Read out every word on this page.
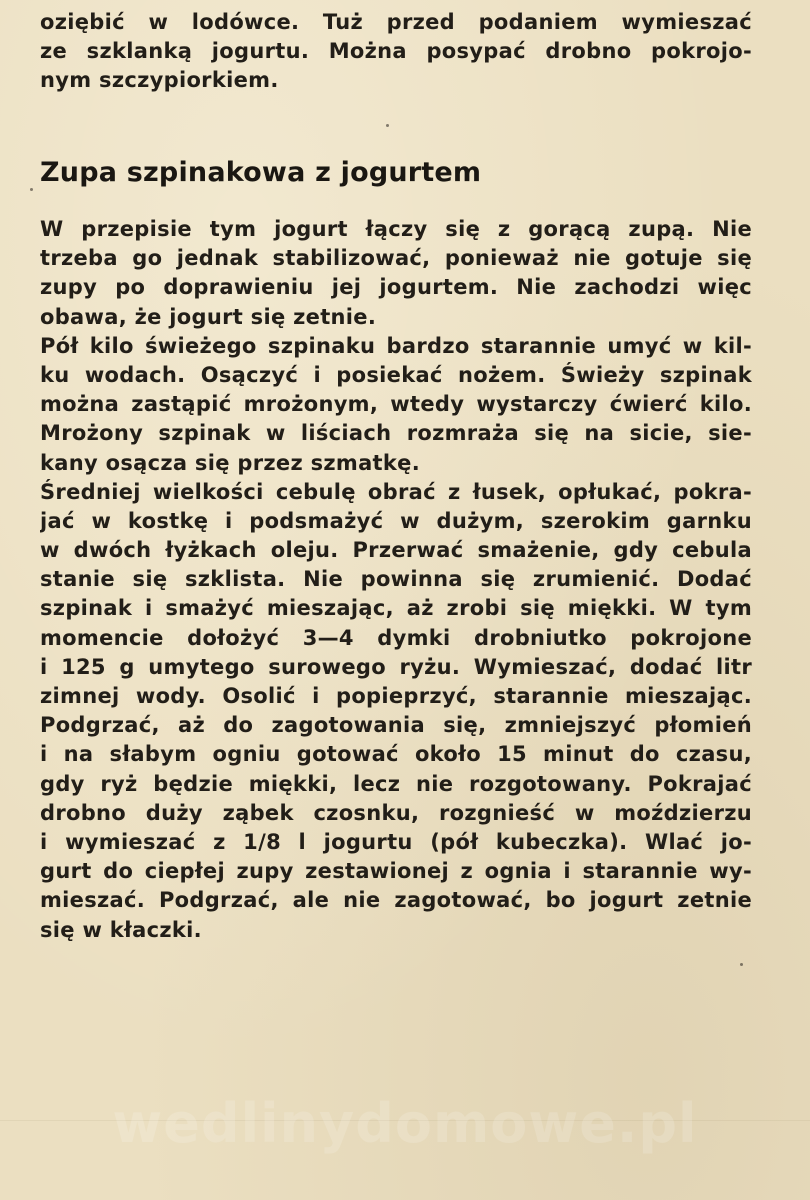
oziębić w lodówce. Tuż przed podaniem wymieszać
ze szklanką jogurtu. Można posypać drobno pokrojo-
nym szczypiorkiem.
Zupa szpinakowa z jogurtem
W przepisie tym jogurt łączy się z gorącą zupą. Nie
trzeba go jednak stabilizować, ponieważ nie gotuje się
zupy po doprawieniu jej jogurtem. Nie zachodzi więc
obawa, że jogurt się zetnie.
Pół kilo świeżego szpinaku bardzo starannie umyć w kil-
ku wodach. Osączyć i posiekać nożem. Świeży szpinak
można zastąpić mrożonym, wtedy wystarczy ćwierć kilo.
Mrożony szpinak w liściach rozmraża się na sicie, sie-
kany osącza się przez szmatkę.
Średniej wielkości cebulę obrać z łusek, opłukać, pokra-
jać w kostkę i podsmażyć w dużym, szerokim garnku
w dwóch łyżkach oleju. Przerwać smażenie, gdy cebula
stanie się szklista. Nie powinna się zrumienić. Dodać
szpinak i smażyć mieszając, aż zrobi się miękki. W tym
momencie dołożyć 3—4 dymki drobniutko pokrojone
i 125 g umytego surowego ryżu. Wymieszać, dodać litr
zimnej wody. Osolić i popieprzyć, starannie mieszając.
Podgrzać, aż do zagotowania się, zmniejszyć płomień
i na słabym ogniu gotować około 15 minut do czasu,
gdy ryż będzie miękki, lecz nie rozgotowany. Pokrajać
drobno duży ząbek czosnku, rozgnieść w moździerzu
i wymieszać z 1/8 l jogurtu (pół kubeczka). Wlać jo-
gurt do ciepłej zupy zestawionej z ognia i starannie wy-
mieszać. Podgrzać, ale nie zagotować, bo jogurt zetnie
się w kłaczki.
wedlinydomowe.pl
